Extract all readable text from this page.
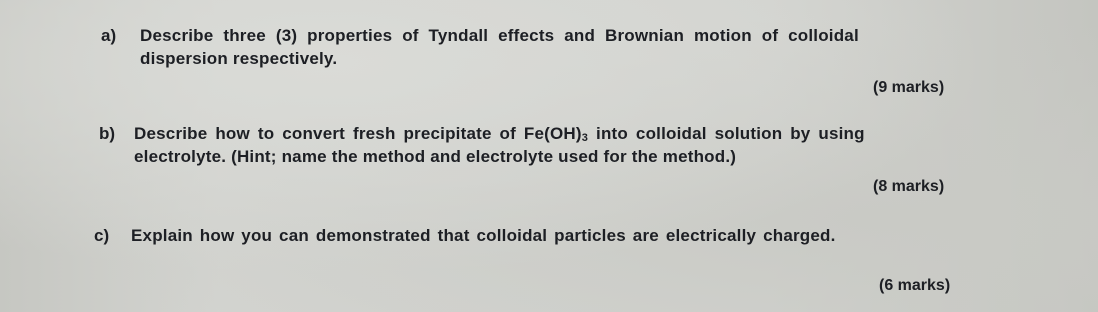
a) Describe three (3) properties of Tyndall effects and Brownian motion of colloidal
dispersion respectively.
(9 marks)
b) Describe how to convert fresh precipitate of Fe(OH)3 into colloidal solution by using
electrolyte. (Hint; name the method and electrolyte used for the method.)
(8 marks)
c) Explain how you can demonstrated that colloidal particles are electrically charged.
(6 marks)
